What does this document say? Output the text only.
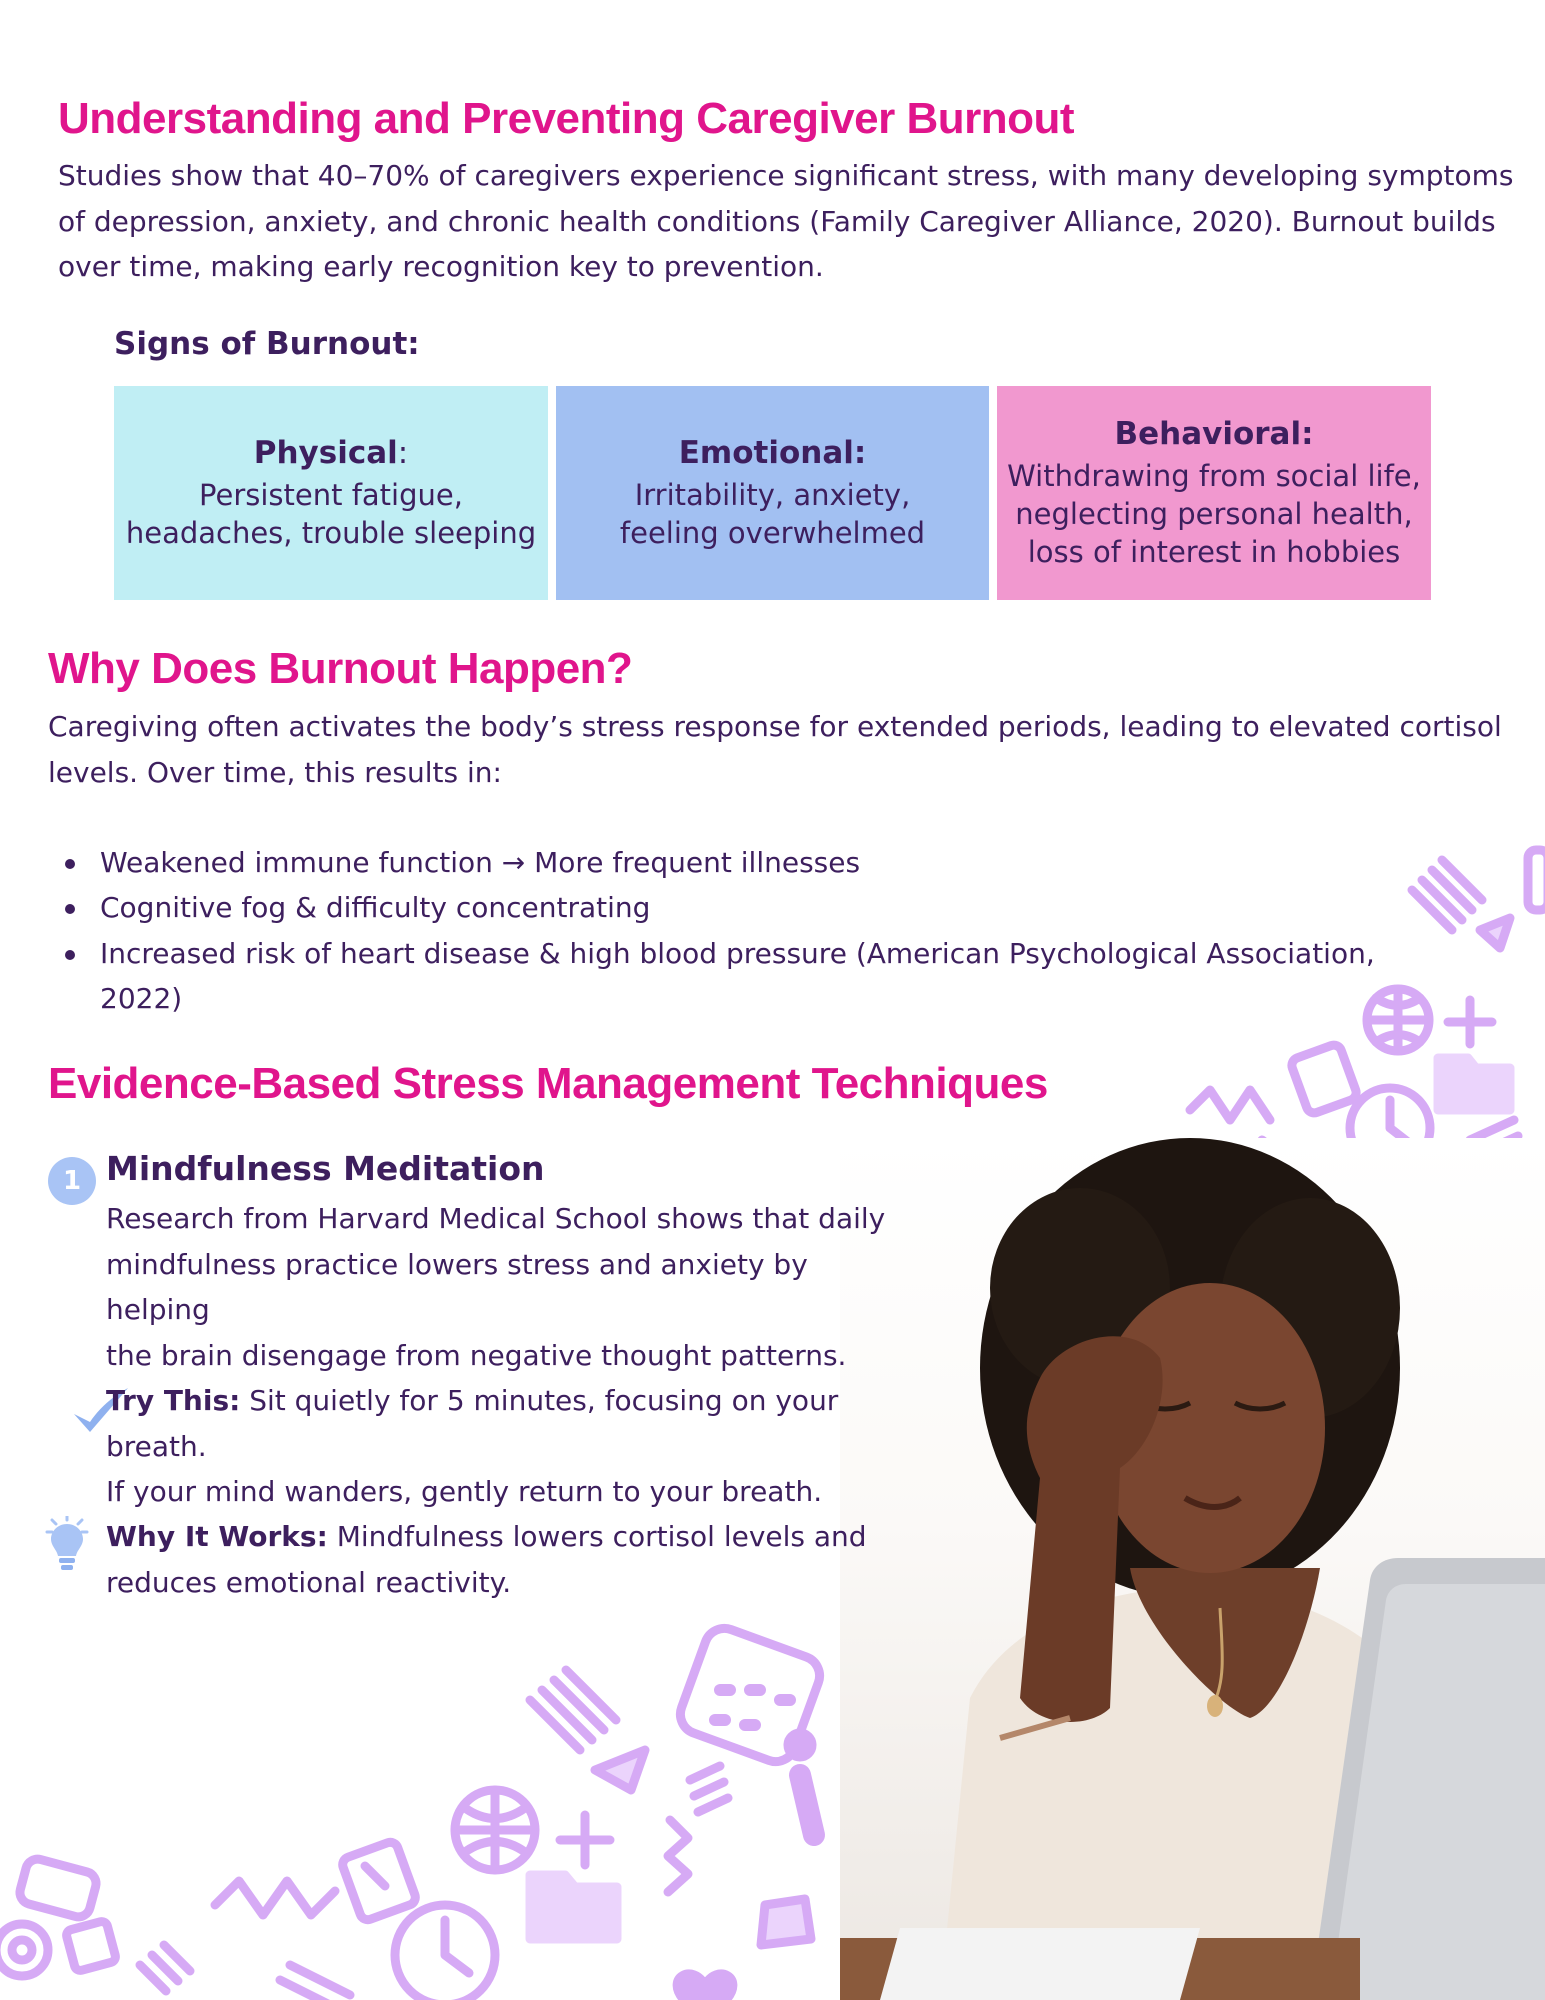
Understanding and Preventing Caregiver Burnout

Studies show that 40–70% of caregivers experience significant stress, with many developing symptoms
of depression, anxiety, and chronic health conditions (Family Caregiver Alliance, 2020). Burnout builds
over time, making early recognition key to prevention.

Signs of Burnout:
Physical:
Persistent fatigue,
headaches, trouble sleeping
Emotional:
Irritability, anxiety,
feeling overwhelmed
Behavioral:
Withdrawing from social life,
neglecting personal health,
loss of interest in hobbies
Why Does Burnout Happen?

Caregiving often activates the body’s stress response for extended periods, leading to elevated cortisol
levels. Over time, this results in:

Weakened immune function → More frequent illnesses
Cognitive fog & difficulty concentrating
Increased risk of heart disease & high blood pressure (American Psychological Association, 2022)
Evidence-Based Stress Management Techniques
1 Mindfulness Meditation

Research from Harvard Medical School shows that daily
mindfulness practice lowers stress and anxiety by helping
the brain disengage from negative thought patterns.

Try This: Sit quietly for 5 minutes, focusing on your breath.
If your mind wanders, gently return to your breath.

Why It Works: Mindfulness lowers cortisol levels and
reduces emotional reactivity.
